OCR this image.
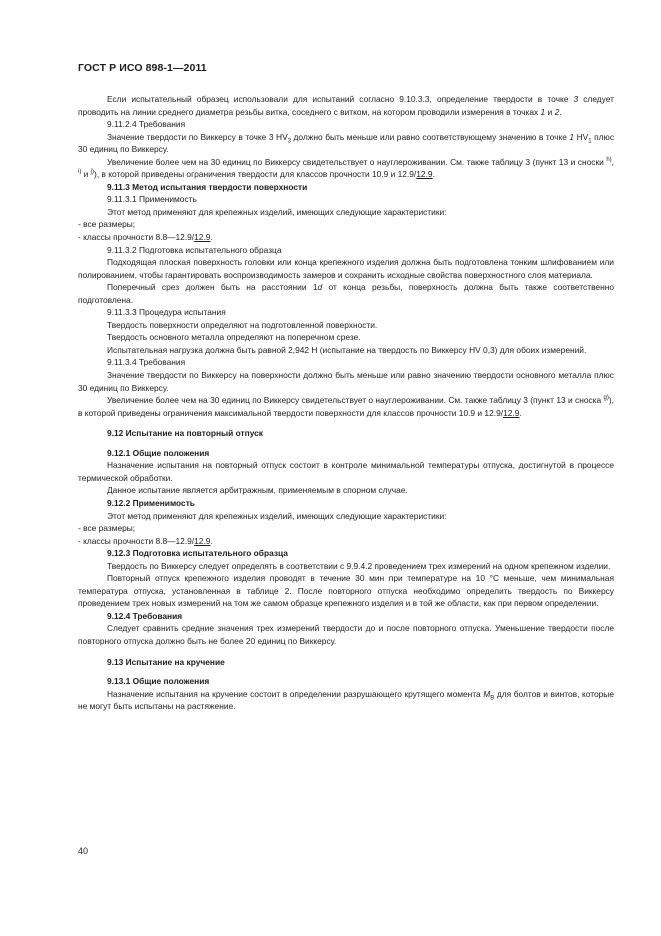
ГОСТ Р ИСО 898-1—2011

Если испытательный образец использовали для испытаний согласно 9.10.3.3, определение твердости в точке 3 следует проводить на линии среднего диаметра резьбы витка, соседнего с витком, на котором проводили измерения в точках 1 и 2.

9.11.2.4 Требования

Значение твердости по Виккерсу в точке 3 $HV_3$ должно быть меньше или равно соответствующему значению в точке 1 $HV_1$ плюс 30 единиц по Виккерсу.

Увеличение более чем на 30 единиц по Виккерсу свидетельствует о науглероживании. См. также таблицу 3 (пункт 13 и сноски $^{h)}$, $^{i)}$ и $^{j)}$), в которой приведены ограничения твердости для классов прочности 10.9 и 12.9/12.9.

9.11.3 Метод испытания твердости поверхности

9.11.3.1 Применимость

Этот метод применяют для крепежных изделий, имеющих следующие характеристики:

- все размеры;

- классы прочности 8.8—12.9/12.9.

9.11.3.2 Подготовка испытательного образца

Подходящая плоская поверхность головки или конца крепежного изделия должна быть подготовлена тонким шлифованием или полированием, чтобы гарантировать воспроизводимость замеров и сохранить исходные свойства поверхностного слоя материала.

Поперечный срез должен быть на расстоянии 1d от конца резьбы, поверхность должна быть также соответственно подготовлена.

9.11.3.3 Процедура испытания

Твердость поверхности определяют на подготовленной поверхности.

Твердость основного металла определяют на поперечном срезе.

Испытательная нагрузка должна быть равной 2,942 Н (испытание на твердость по Виккерсу HV 0,3) для обоих измерений.

9.11.3.4 Требования

Значение твердости по Виккерсу на поверхности должно быть меньше или равно значению твердости основного металла плюс 30 единиц по Виккерсу.

Увеличение более чем на 30 единиц по Виккерсу свидетельствует о науглероживании. См. также таблицу 3 (пункт 13 и сноска $^{g)}$), в которой приведены ограничения максимальной твердости поверхности для классов прочности 10.9 и 12.9/12.9.

9.12 Испытание на повторный отпуск

9.12.1 Общие положения

Назначение испытания на повторный отпуск состоит в контроле минимальной температуры отпуска, достигнутой в процессе термической обработки.

Данное испытание является арбитражным, применяемым в спорном случае.

9.12.2 Применимость

Этот метод применяют для крепежных изделий, имеющих следующие характеристики:

- все размеры;

- классы прочности 8.8—12.9/12.9.

9.12.3 Подготовка испытательного образца

Твердость по Виккерсу следует определять в соответствии с 9.9.4.2 проведением трех измерений на одном крепежном изделии.

Повторный отпуск крепежного изделия проводят в течение 30 мин при температуре на 10 °С меньше, чем минимальная температура отпуска, установленная в таблице 2. После повторного отпуска необходимо определить твердость по Виккерсу проведением трех новых измерений на том же самом образце крепежного изделия и в той же области, как при первом определении.

9.12.4 Требования

Следует сравнить средние значения трех измерений твердости до и после повторного отпуска. Уменьшение твердости после повторного отпуска должно быть не более 20 единиц по Виккерсу.

9.13 Испытание на кручение

9.13.1 Общие положения

Назначение испытания на кручение состоит в определении разрушающего крутящего момента $M_B$ для болтов и винтов, которые не могут быть испытаны на растяжение.

40
